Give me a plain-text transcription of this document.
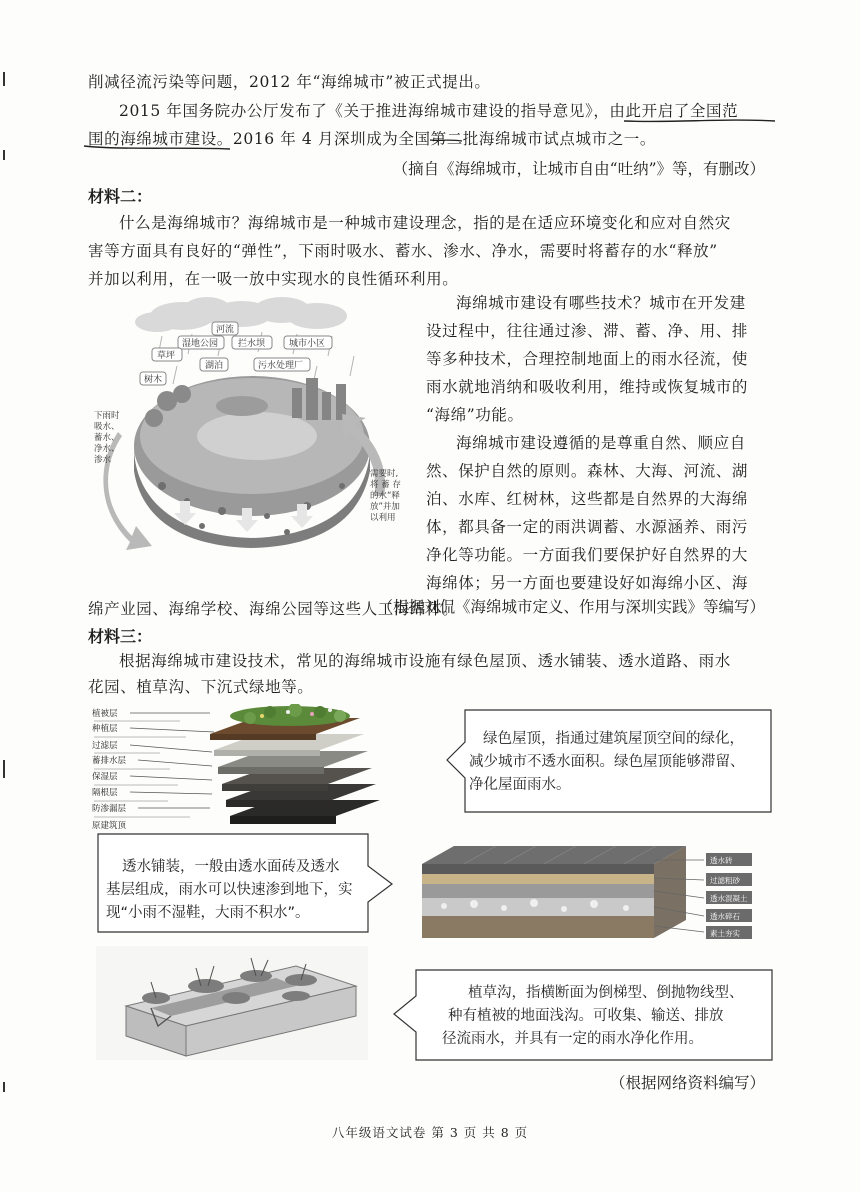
削减径流污染等问题，2012 年“海绵城市”被正式提出。
2015 年国务院办公厅发布了《关于推进海绵城市建设的指导意见》，由此开启了全国范
围的海绵城市建设。2016 年 4 月深圳成为全国第二批海绵城市试点城市之一。
（摘自《海绵城市，让城市自由“吐纳”》等，有删改）
材料二：
什么是海绵城市？海绵城市是一种城市建设理念，指的是在适应环境变化和应对自然灾
害等方面具有良好的“弹性”，下雨时吸水、蓄水、渗水、净水，需要时将蓄存的水“释放”
并加以利用，在一吸一放中实现水的良性循环利用。
海绵城市建设有哪些技术？城市在开发建
设过程中，往往通过渗、滞、蓄、净、用、排
等多种技术，合理控制地面上的雨水径流，使
雨水就地消纳和吸收利用，维持或恢复城市的
“海绵”功能。
海绵城市建设遵循的是尊重自然、顺应自
然、保护自然的原则。森林、大海、河流、湖
泊、水库、红树林，这些都是自然界的大海绵
体，都具备一定的雨洪调蓄、水源涵养、雨污
净化等功能。一方面我们要保护好自然界的大
海绵体；另一方面也要建设好如海绵小区、海
绵产业园、海绵学校、海绵公园等这些人工海绵体。
河流
湿地公园 拦水坝	城市小区
草坪
湖泊	污水处理厂
树木
下雨时
吸水、
蓄水、
净水、
渗水
需要时,
将 蓄 存
的水“释
放”并加
以利用
（根据刘侃《海绵城市定义、作用与深圳实践》等编写）
材料三：
根据海绵城市建设技术，常见的海绵城市设施有绿色屋顶、透水铺装、透水道路、雨水
花园、植草沟、下沉式绿地等。
植被层
种植层
过滤层
蓄排水层
保湿层
隔根层
防渗漏层
原建筑顶
绿色屋顶，指通过建筑屋顶空间的绿化，
减少城市不透水面积。绿色屋顶能够滞留、
净化屋面雨水。
透水铺装，一般由透水面砖及透水
基层组成，雨水可以快速渗到地下，实
现“小雨不湿鞋，大雨不积水”。
透水砖
过滤粗砂
透水混凝土
透水碎石
素土夯实
植草沟，指横断面为倒梯型、倒抛物线型、
种有植被的地面浅沟。可收集、输送、排放
径流雨水，并具有一定的雨水净化作用。
（根据网络资料编写）
八年级语文试卷 第 3 页 共 8 页
